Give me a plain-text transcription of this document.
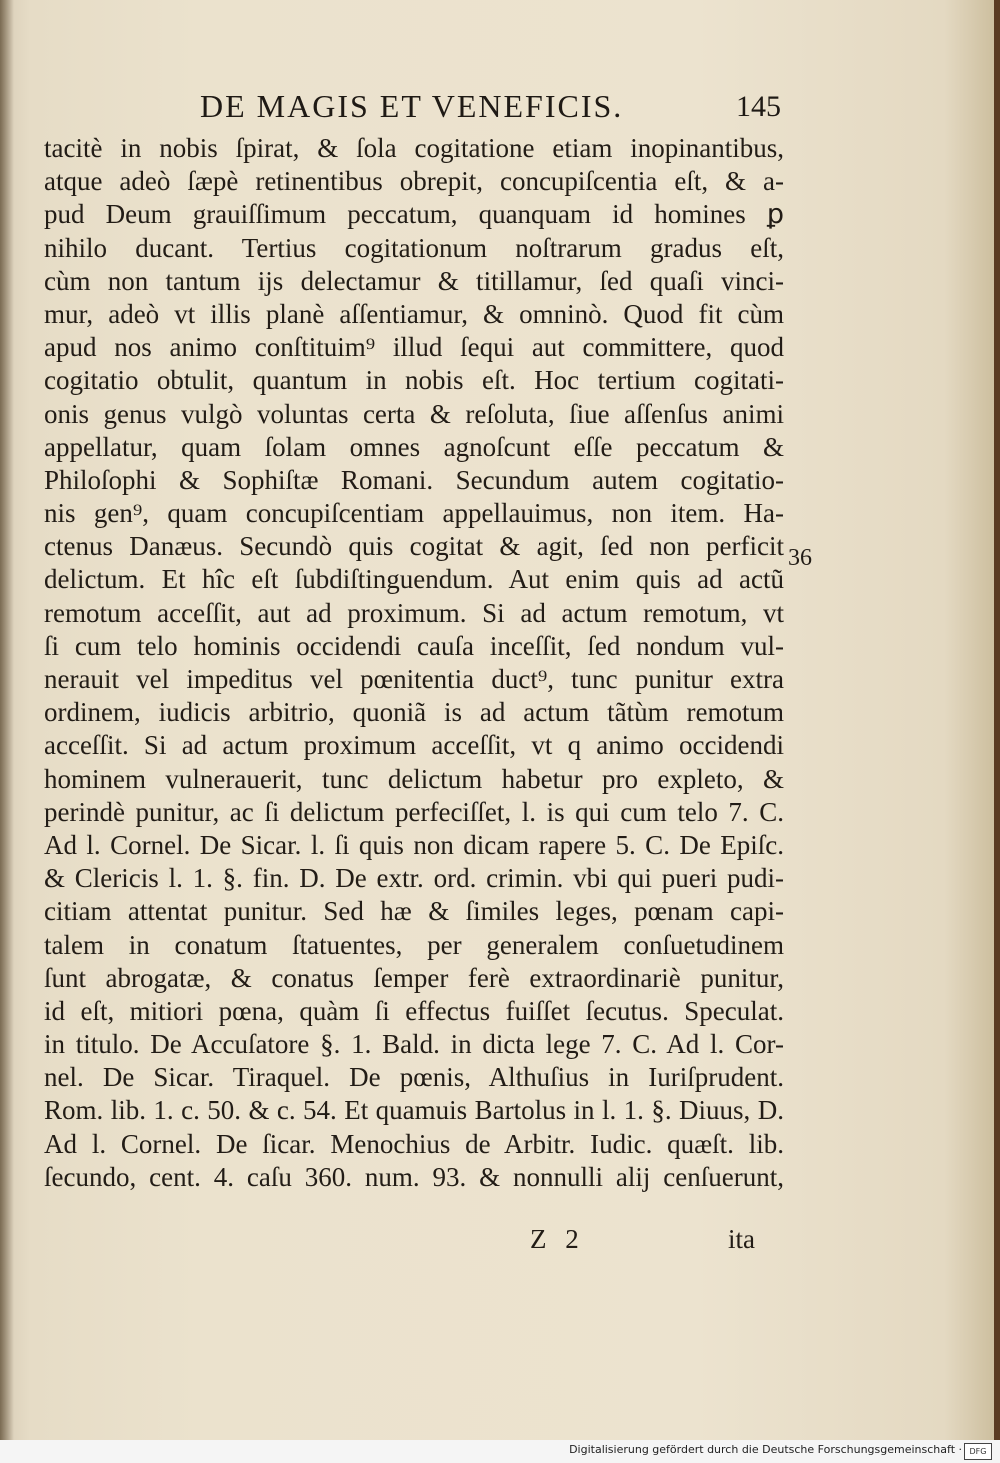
DE MAGIS ET VENEFICIS.	145
tacitè in nobis ſpirat, & ſola cogitatione etiam inopinantibus,
atque adeò ſæpè retinentibus obrepit, concupiſcentia eſt, & a-
pud Deum grauiſſimum peccatum, quanquam id homines ꝑ
nihilo ducant. Tertius cogitationum noſtrarum gradus eſt,
cùm non tantum ijs delectamur & titillamur, ſed quaſi vinci-
mur, adeò vt illis planè aſſentiamur, & omninò. Quod fit cùm
apud nos animo conſtituim⁹ illud ſequi aut committere, quod
cogitatio obtulit, quantum in nobis eſt. Hoc tertium cogitati-
onis genus vulgò voluntas certa & reſoluta, ſiue aſſenſus animi
appellatur, quam ſolam omnes agnoſcunt eſſe peccatum &
Philoſophi & Sophiſtæ Romani. Secundum autem cogitatio-
nis gen⁹, quam concupiſcentiam appellauimus, non item. Ha-
ctenus Danæus. Secundò quis cogitat & agit, ſed non perficit
delictum. Et hîc eſt ſubdiſtinguendum. Aut enim quis ad actũ
remotum acceſſit, aut ad proximum. Si ad actum remotum, vt
ſi cum telo hominis occidendi cauſa inceſſit, ſed nondum vul-
nerauit vel impeditus vel pœnitentia duct⁹, tunc punitur extra
ordinem, iudicis arbitrio, quoniã is ad actum tãtùm remotum
acceſſit. Si ad actum proximum acceſſit, vt q animo occidendi
hominem vulnerauerit, tunc delictum habetur pro expleto, &
perindè punitur, ac ſi delictum perfeciſſet, l. is qui cum telo 7. C.
Ad l. Cornel. De Sicar. l. ſi quis non dicam rapere 5. C. De Epiſc.
& Clericis l. 1. §. fin. D. De extr. ord. crimin. vbi qui pueri pudi-
citiam attentat punitur. Sed hæ & ſimiles leges, pœnam capi-
talem in conatum ſtatuentes, per generalem conſuetudinem
ſunt abrogatæ, & conatus ſemper ferè extraordinariè punitur,
id eſt, mitiori pœna, quàm ſi effectus fuiſſet ſecutus. Speculat.
in titulo. De Accuſatore §. 1. Bald. in dicta lege 7. C. Ad l. Cor-
nel. De Sicar. Tiraquel. De pœnis, Althuſius in Iuriſprudent.
Rom. lib. 1. c. 50. & c. 54. Et quamuis Bartolus in l. 1. §. Diuus, D.
Ad l. Cornel. De ſicar. Menochius de Arbitr. Iudic. quæſt. lib.
ſecundo, cent. 4. caſu 360. num. 93. & nonnulli alij cenſuerunt,
36
Z 2	ita
Digitalisierung gefördert durch die Deutsche Forschungsgemeinschaft · DFG
